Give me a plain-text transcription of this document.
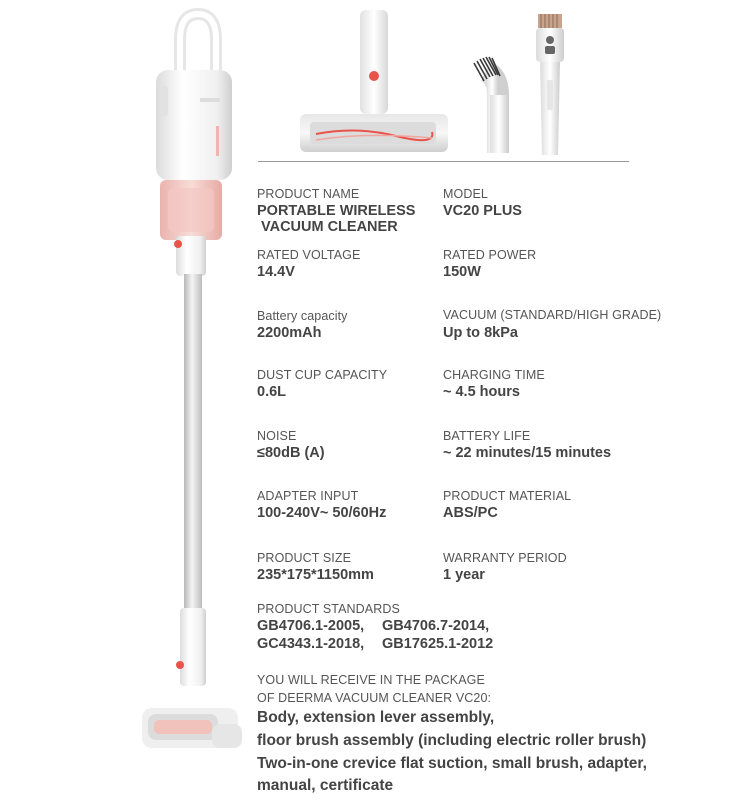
PRODUCT NAME
PORTABLE WIRELESS
VACUUM CLEANER
MODEL
VC20 PLUS
RATED VOLTAGE
14.4V
RATED POWER
150W
Battery capacity
2200mAh
VACUUM (STANDARD/HIGH GRADE)
Up to 8kPa
DUST CUP CAPACITY
0.6L
CHARGING TIME
~ 4.5 hours
NOISE
≤80dB (A)
BATTERY LIFE
~ 22 minutes/15 minutes
ADAPTER INPUT
100-240V~ 50/60Hz
PRODUCT MATERIAL
ABS/PC
PRODUCT SIZE
235*175*1150mm
WARRANTY PERIOD
1 year
PRODUCT STANDARDS
GB4706.1-2005, GB4706.7-2014,
GC4343.1-2018, GB17625.1-2012
YOU WILL RECEIVE IN THE PACKAGE
OF DEERMA VACUUM CLEANER VC20:
Body, extension lever assembly,
floor brush assembly (including electric roller brush)
Two-in-one crevice flat suction, small brush, adapter,
manual, certificate
